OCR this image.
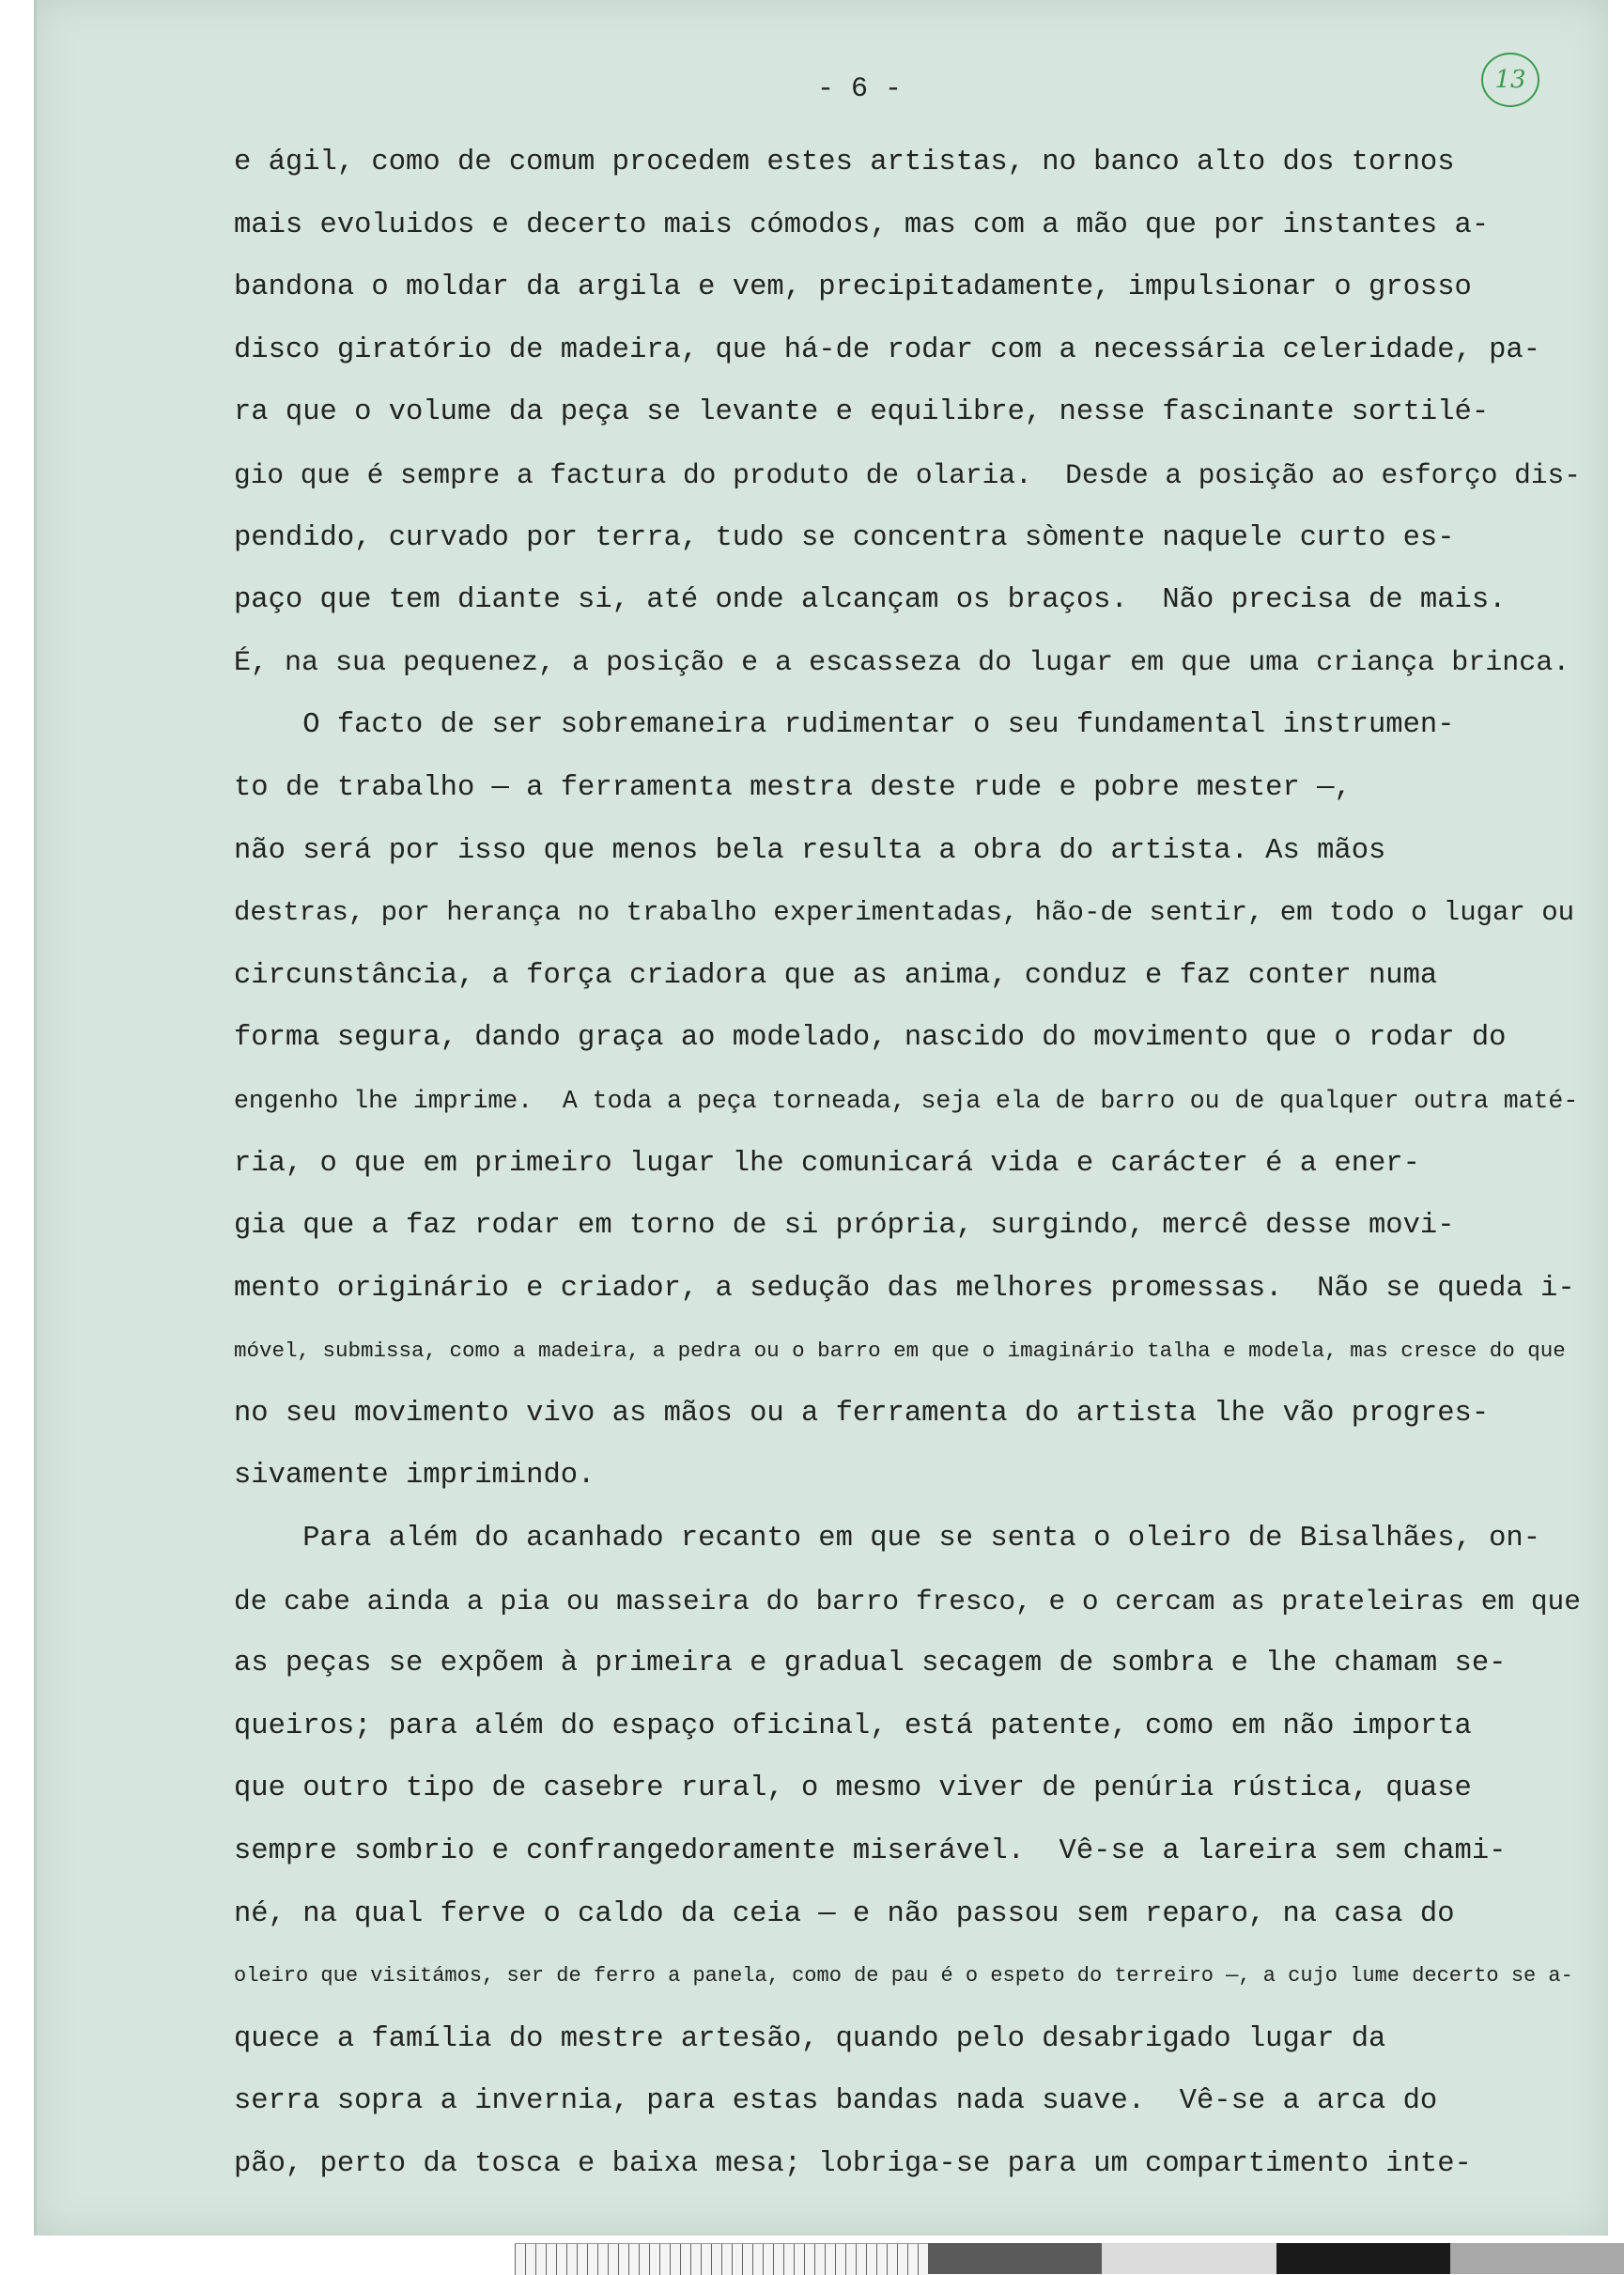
- 6 -	13
e ágil, como de comum procedem estes artistas, no banco alto dos tornos
mais evoluidos e decerto mais cómodos, mas com a mão que por instantes a-
bandona o moldar da argila e vem, precipitadamente, impulsionar o grosso
disco giratório de madeira, que há-de rodar com a necessária celeridade, pa-
ra que o volume da peça se levante e equilibre, nesse fascinante sortilé-
gio que é sempre a factura do produto de olaria.  Desde a posição ao esforço dis-
pendido, curvado por terra, tudo se concentra sòmente naquele curto es-
paço que tem diante si, até onde alcançam os braços.  Não precisa de mais.
É, na sua pequenez, a posição e a escasseza do lugar em que uma criança brinca.
O facto de ser sobremaneira rudimentar o seu fundamental instrumen-
to de trabalho — a ferramenta mestra deste rude e pobre mester —,
não será por isso que menos bela resulta a obra do artista. As mãos
destras, por herança no trabalho experimentadas, hão-de sentir, em todo o lugar ou
circunstância, a força criadora que as anima, conduz e faz conter numa
forma segura, dando graça ao modelado, nascido do movimento que o rodar do
engenho lhe imprime.  A toda a peça torneada, seja ela de barro ou de qualquer outra maté-
ria, o que em primeiro lugar lhe comunicará vida e carácter é a ener-
gia que a faz rodar em torno de si própria, surgindo, mercê desse movi-
mento originário e criador, a sedução das melhores promessas.  Não se queda i-
móvel, submissa, como a madeira, a pedra ou o barro em que o imaginário talha e modela, mas cresce do que
no seu movimento vivo as mãos ou a ferramenta do artista lhe vão progres-
sivamente imprimindo.
Para além do acanhado recanto em que se senta o oleiro de Bisalhães, on-
de cabe ainda a pia ou masseira do barro fresco, e o cercam as prateleiras em que
as peças se expõem à primeira e gradual secagem de sombra e lhe chamam se-
queiros; para além do espaço oficinal, está patente, como em não importa
que outro tipo de casebre rural, o mesmo viver de penúria rústica, quase
sempre sombrio e confrangedoramente miserável.  Vê-se a lareira sem chami-
né, na qual ferve o caldo da ceia — e não passou sem reparo, na casa do
oleiro que visitámos, ser de ferro a panela, como de pau é o espeto do terreiro —, a cujo lume decerto se a-
quece a família do mestre artesão, quando pelo desabrigado lugar da
serra sopra a invernia, para estas bandas nada suave.  Vê-se a arca do
pão, perto da tosca e baixa mesa; lobriga-se para um compartimento inte-
